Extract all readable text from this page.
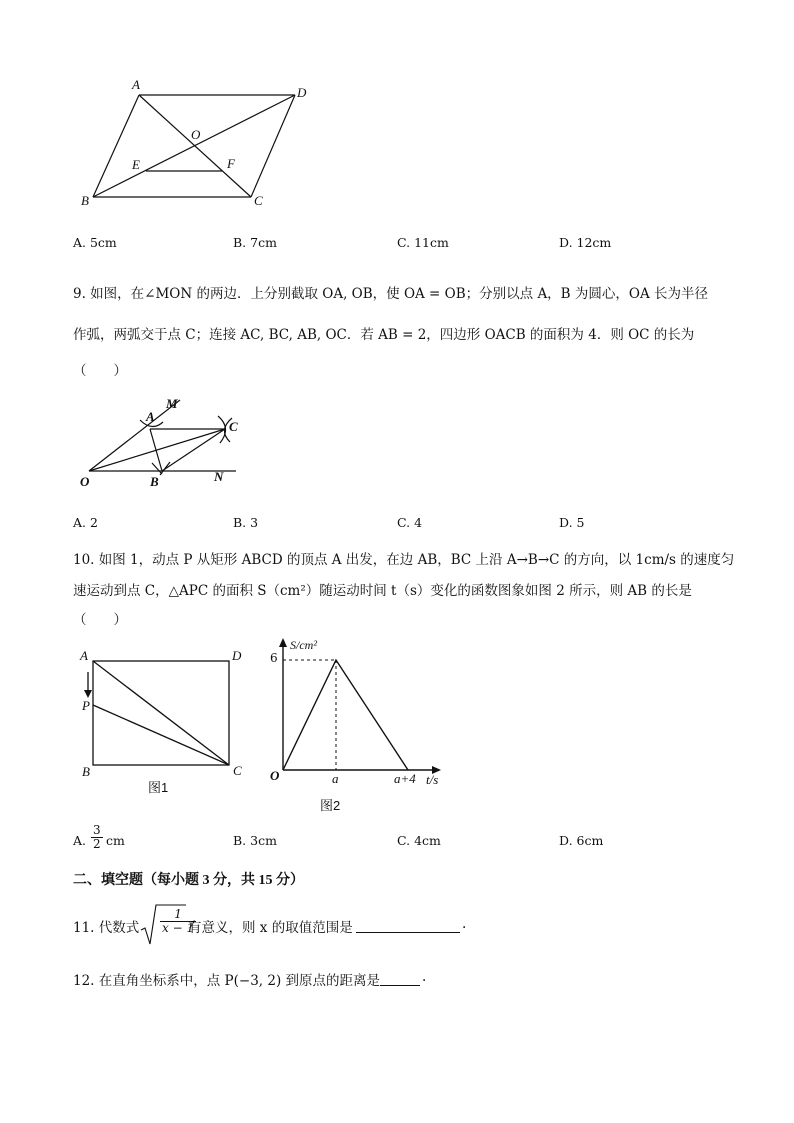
A
D
O
E	F
B	C
A. 5cm	B. 7cm	C. 11cm	D. 12cm
9. 如图，在∠MON 的两边．上分别截取 OA, OB，使 OA = OB；分别以点 A，B 为圆心，OA 长为半径
作弧，两弧交于点 C；连接 AC, BC, AB, OC．若 AB = 2，四边形 OACB 的面积为 4．则 OC 的长为
（　　）
A
M
C
O	B	N
A. 2	B. 3	C. 4	D. 5
10. 如图 1，动点 P 从矩形 ABCD 的顶点 A 出发，在边 AB，BC 上沿 A→B→C 的方向，以 1cm/s 的速度匀
速运动到点 C，△APC 的面积 S（cm²）随运动时间 t（s）变化的函数图象如图 2 所示，则 AB 的长是
（　　）
A	D
P
B	C
图1
S/cm²
6
O	a	a+4 t/s
图2
A. $\frac{3}{2}$ cm	B. 3cm	C. 4cm	D. 6cm
二、填空题（每小题 3 分，共 15 分）
11. 代数式 $\frac{1}{x - 1}$
有意义，则 x 的取值范围是	.
12. 在直角坐标系中，点 P(−3, 2) 到原点的距离是	.
